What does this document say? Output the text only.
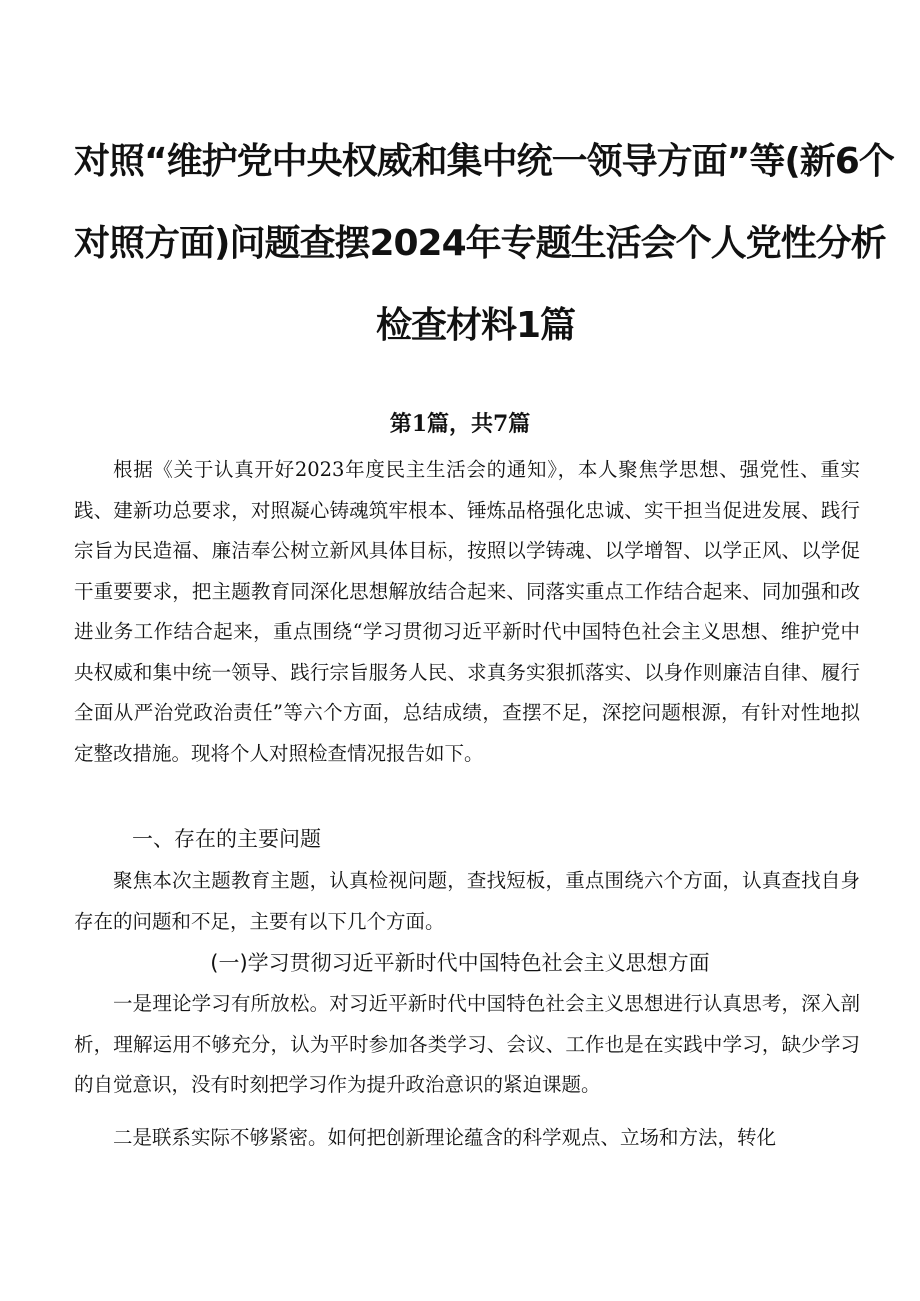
对照“维护党中央权威和集中统一领导方面”等(新6个
对照方面)问题查摆2024年专题生活会个人党性分析
检查材料1篇
第1篇，共7篇

根据《关于认真开好2023年度民主生活会的通知》，本人聚焦学思想、强党性、重实践、建新功总要求，对照凝心铸魂筑牢根本、锤炼品格强化忠诚、实干担当促进发展、践行宗旨为民造福、廉洁奉公树立新风具体目标，按照以学铸魂、以学增智、以学正风、以学促干重要要求，把主题教育同深化思想解放结合起来、同落实重点工作结合起来、同加强和改进业务工作结合起来，重点围绕“学习贯彻习近平新时代中国特色社会主义思想、维护党中央权威和集中统一领导、践行宗旨服务人民、求真务实狠抓落实、以身作则廉洁自律、履行全面从严治党政治责任”等六个方面，总结成绩，查摆不足，深挖问题根源，有针对性地拟定整改措施。现将个人对照检查情况报告如下。

一、存在的主要问题

聚焦本次主题教育主题，认真检视问题，查找短板，重点围绕六个方面，认真查找自身存在的问题和不足，主要有以下几个方面。

(一)学习贯彻习近平新时代中国特色社会主义思想方面

一是理论学习有所放松。对习近平新时代中国特色社会主义思想进行认真思考，深入剖析，理解运用不够充分，认为平时参加各类学习、会议、工作也是在实践中学习，缺少学习的自觉意识，没有时刻把学习作为提升政治意识的紧迫课题。

二是联系实际不够紧密。如何把创新理论蕴含的科学观点、立场和方法，转化
